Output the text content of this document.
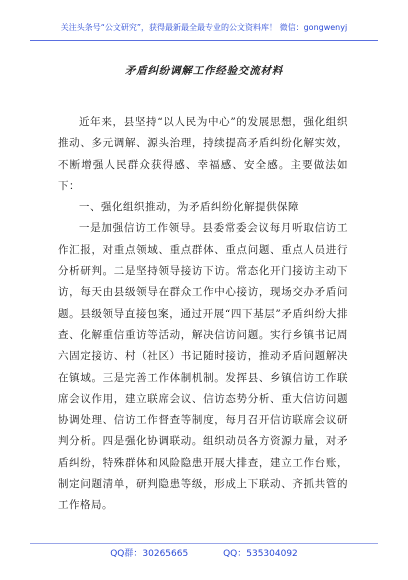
关注头条号“公文研究”，获得最新最全最专业的公文资料库！ 微信：gongwenyj
矛盾纠纷调解工作经验交流材料

近年来，县坚持“以人民为中心”的发展思想，强化组织推动、多元调解、源头治理，持续提高矛盾纠纷化解实效，不断增强人民群众获得感、幸福感、安全感。主要做法如下：

一、强化组织推动，为矛盾纠纷化解提供保障

一是加强信访工作领导。县委常委会议每月听取信访工作汇报，对重点领域、重点群体、重点问题、重点人员进行分析研判。二是坚持领导接访下访。常态化开门接访主动下访，每天由县级领导在群众工作中心接访，现场交办矛盾问题。县级领导直接包案，通过开展“四下基层”矛盾纠纷大排查、化解重信重访等活动，解决信访问题。实行乡镇书记周六固定接访、村（社区）书记随时接访，推动矛盾问题解决在镇域。三是完善工作体制机制。发挥县、乡镇信访工作联席会议作用，建立联席会议、信访态势分析、重大信访问题协调处理、信访工作督查等制度，每月召开信访联席会议研判分析。四是强化协调联动。组织动员各方资源力量，对矛盾纠纷，特殊群体和风险隐患开展大排查，建立工作台账，制定问题清单，研判隐患等级，形成上下联动、齐抓共管的工作格局。

QQ群：30265665	QQ：535304092
